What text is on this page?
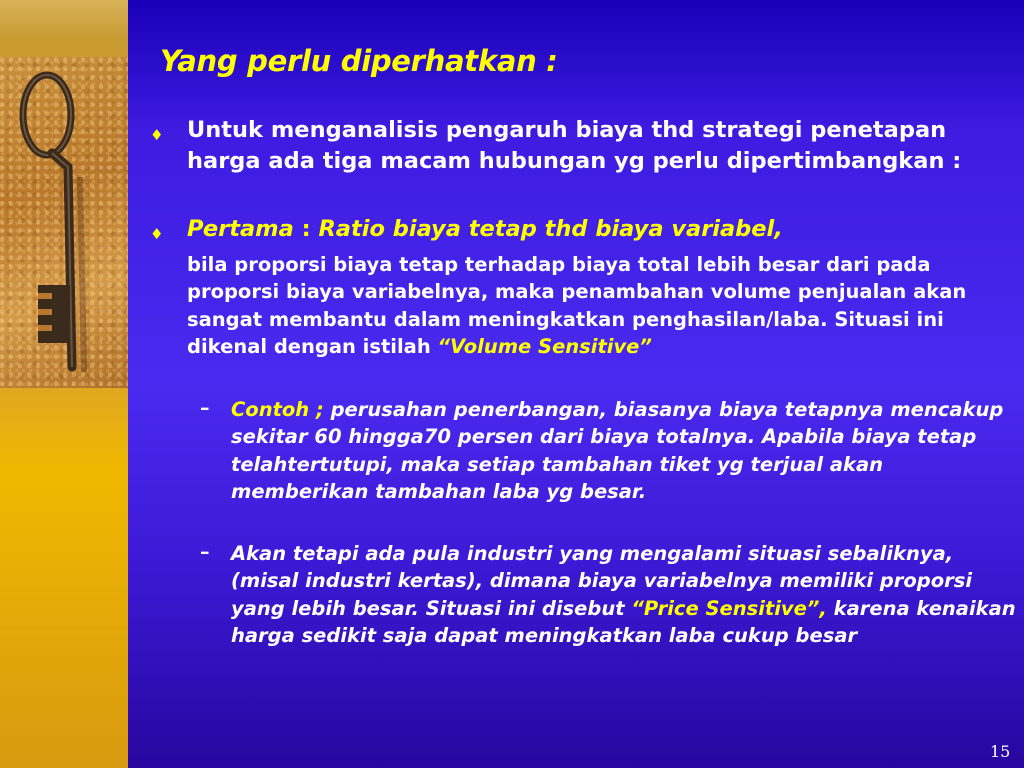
Yang perlu diperhatkan :
♦ Untuk menganalisis pengaruh biaya thd strategi penetapan harga ada tiga macam hubungan yg perlu dipertimbangkan :

♦ Pertama : Ratio biaya tetap thd biaya variabel,

bila proporsi biaya tetap terhadap biaya total lebih besar dari pada proporsi biaya variabelnya, maka penambahan volume penjualan akan sangat membantu dalam meningkatkan penghasilan/laba. Situasi ini dikenal dengan istilah “Volume Sensitive”

– Contoh ; perusahan penerbangan, biasanya biaya tetapnya mencakup sekitar 60 hingga70 persen dari biaya totalnya. Apabila biaya tetap telahtertutupi, maka setiap tambahan tiket yg terjual akan memberikan tambahan laba yg besar.

– Akan tetapi ada pula industri yang mengalami situasi sebaliknya, (misal industri kertas), dimana biaya variabelnya memiliki proporsi yang lebih besar. Situasi ini disebut “Price Sensitive”, karena kenaikan harga sedikit saja dapat meningkatkan laba cukup besar

15
